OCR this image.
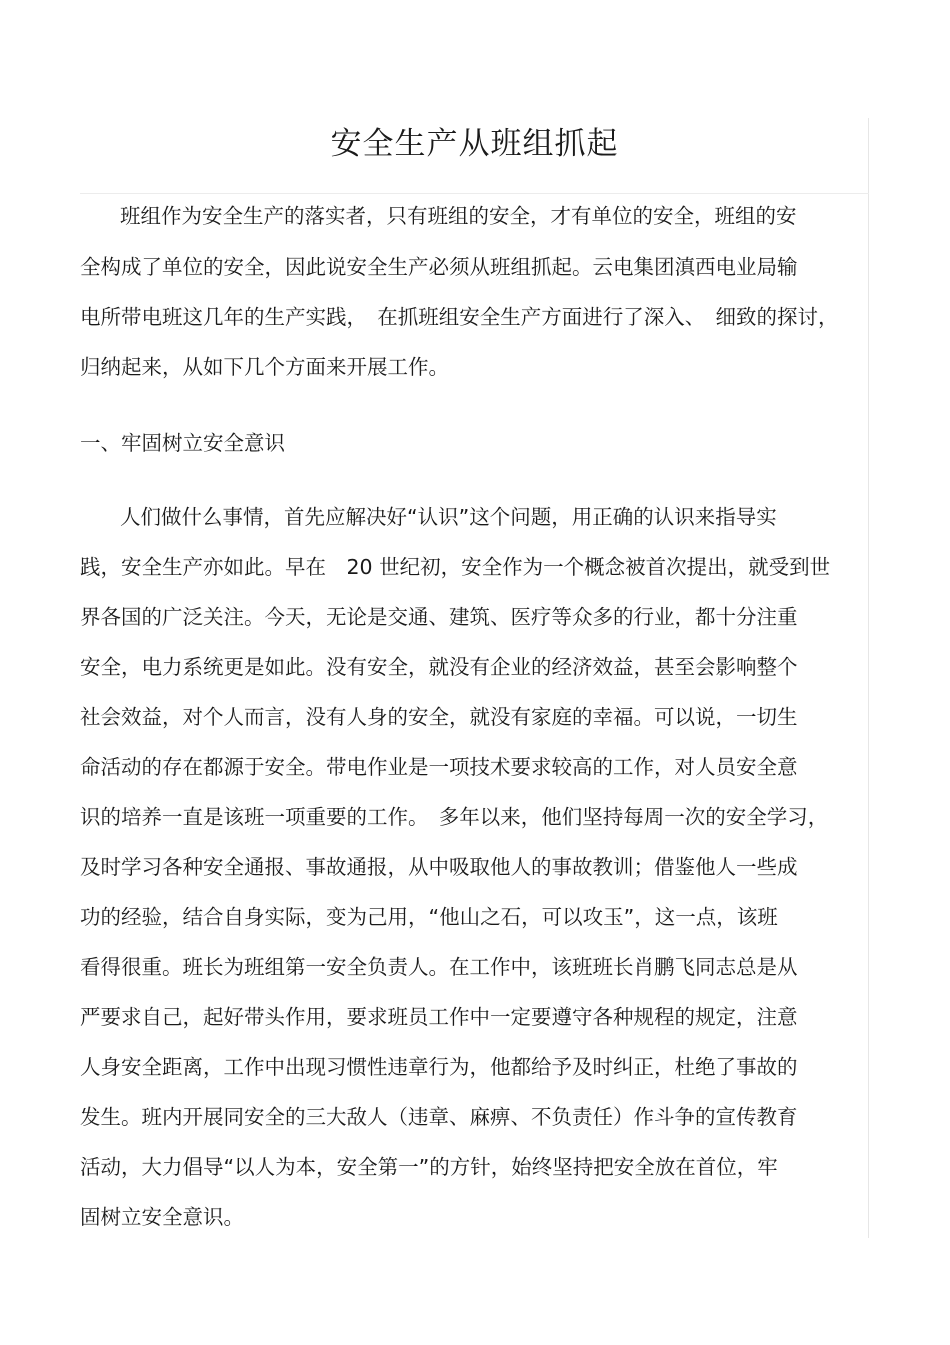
安全生产从班组抓起
班组作为安全生产的落实者，只有班组的安全，才有单位的安全，班组的安
全构成了单位的安全，因此说安全生产必须从班组抓起。云电集团滇西电业局输
电所带电班这几年的生产实践，　在抓班组安全生产方面进行了深入、　细致的探讨，
归纳起来，从如下几个方面来开展工作。
一、牢固树立安全意识
人们做什么事情，首先应解决好“认识”这个问题，用正确的认识来指导实
践，安全生产亦如此。早在　20 世纪初，安全作为一个概念被首次提出，就受到世
界各国的广泛关注。今天，无论是交通、建筑、医疗等众多的行业，都十分注重
安全，电力系统更是如此。没有安全，就没有企业的经济效益，甚至会影响整个
社会效益，对个人而言，没有人身的安全，就没有家庭的幸福。可以说，一切生
命活动的存在都源于安全。带电作业是一项技术要求较高的工作，对人员安全意
识的培养一直是该班一项重要的工作。　多年以来，他们坚持每周一次的安全学习，
及时学习各种安全通报、事故通报，从中吸取他人的事故教训；借鉴他人一些成
功的经验，结合自身实际，变为己用，“他山之石，可以攻玉”，这一点，该班
看得很重。班长为班组第一安全负责人。在工作中，该班班长肖鹏飞同志总是从
严要求自己，起好带头作用，要求班员工作中一定要遵守各种规程的规定，注意
人身安全距离，工作中出现习惯性违章行为，他都给予及时纠正，杜绝了事故的
发生。班内开展同安全的三大敌人（违章、麻痹、不负责任）作斗争的宣传教育
活动，大力倡导“以人为本，安全第一”的方针，始终坚持把安全放在首位，牢
固树立安全意识。
